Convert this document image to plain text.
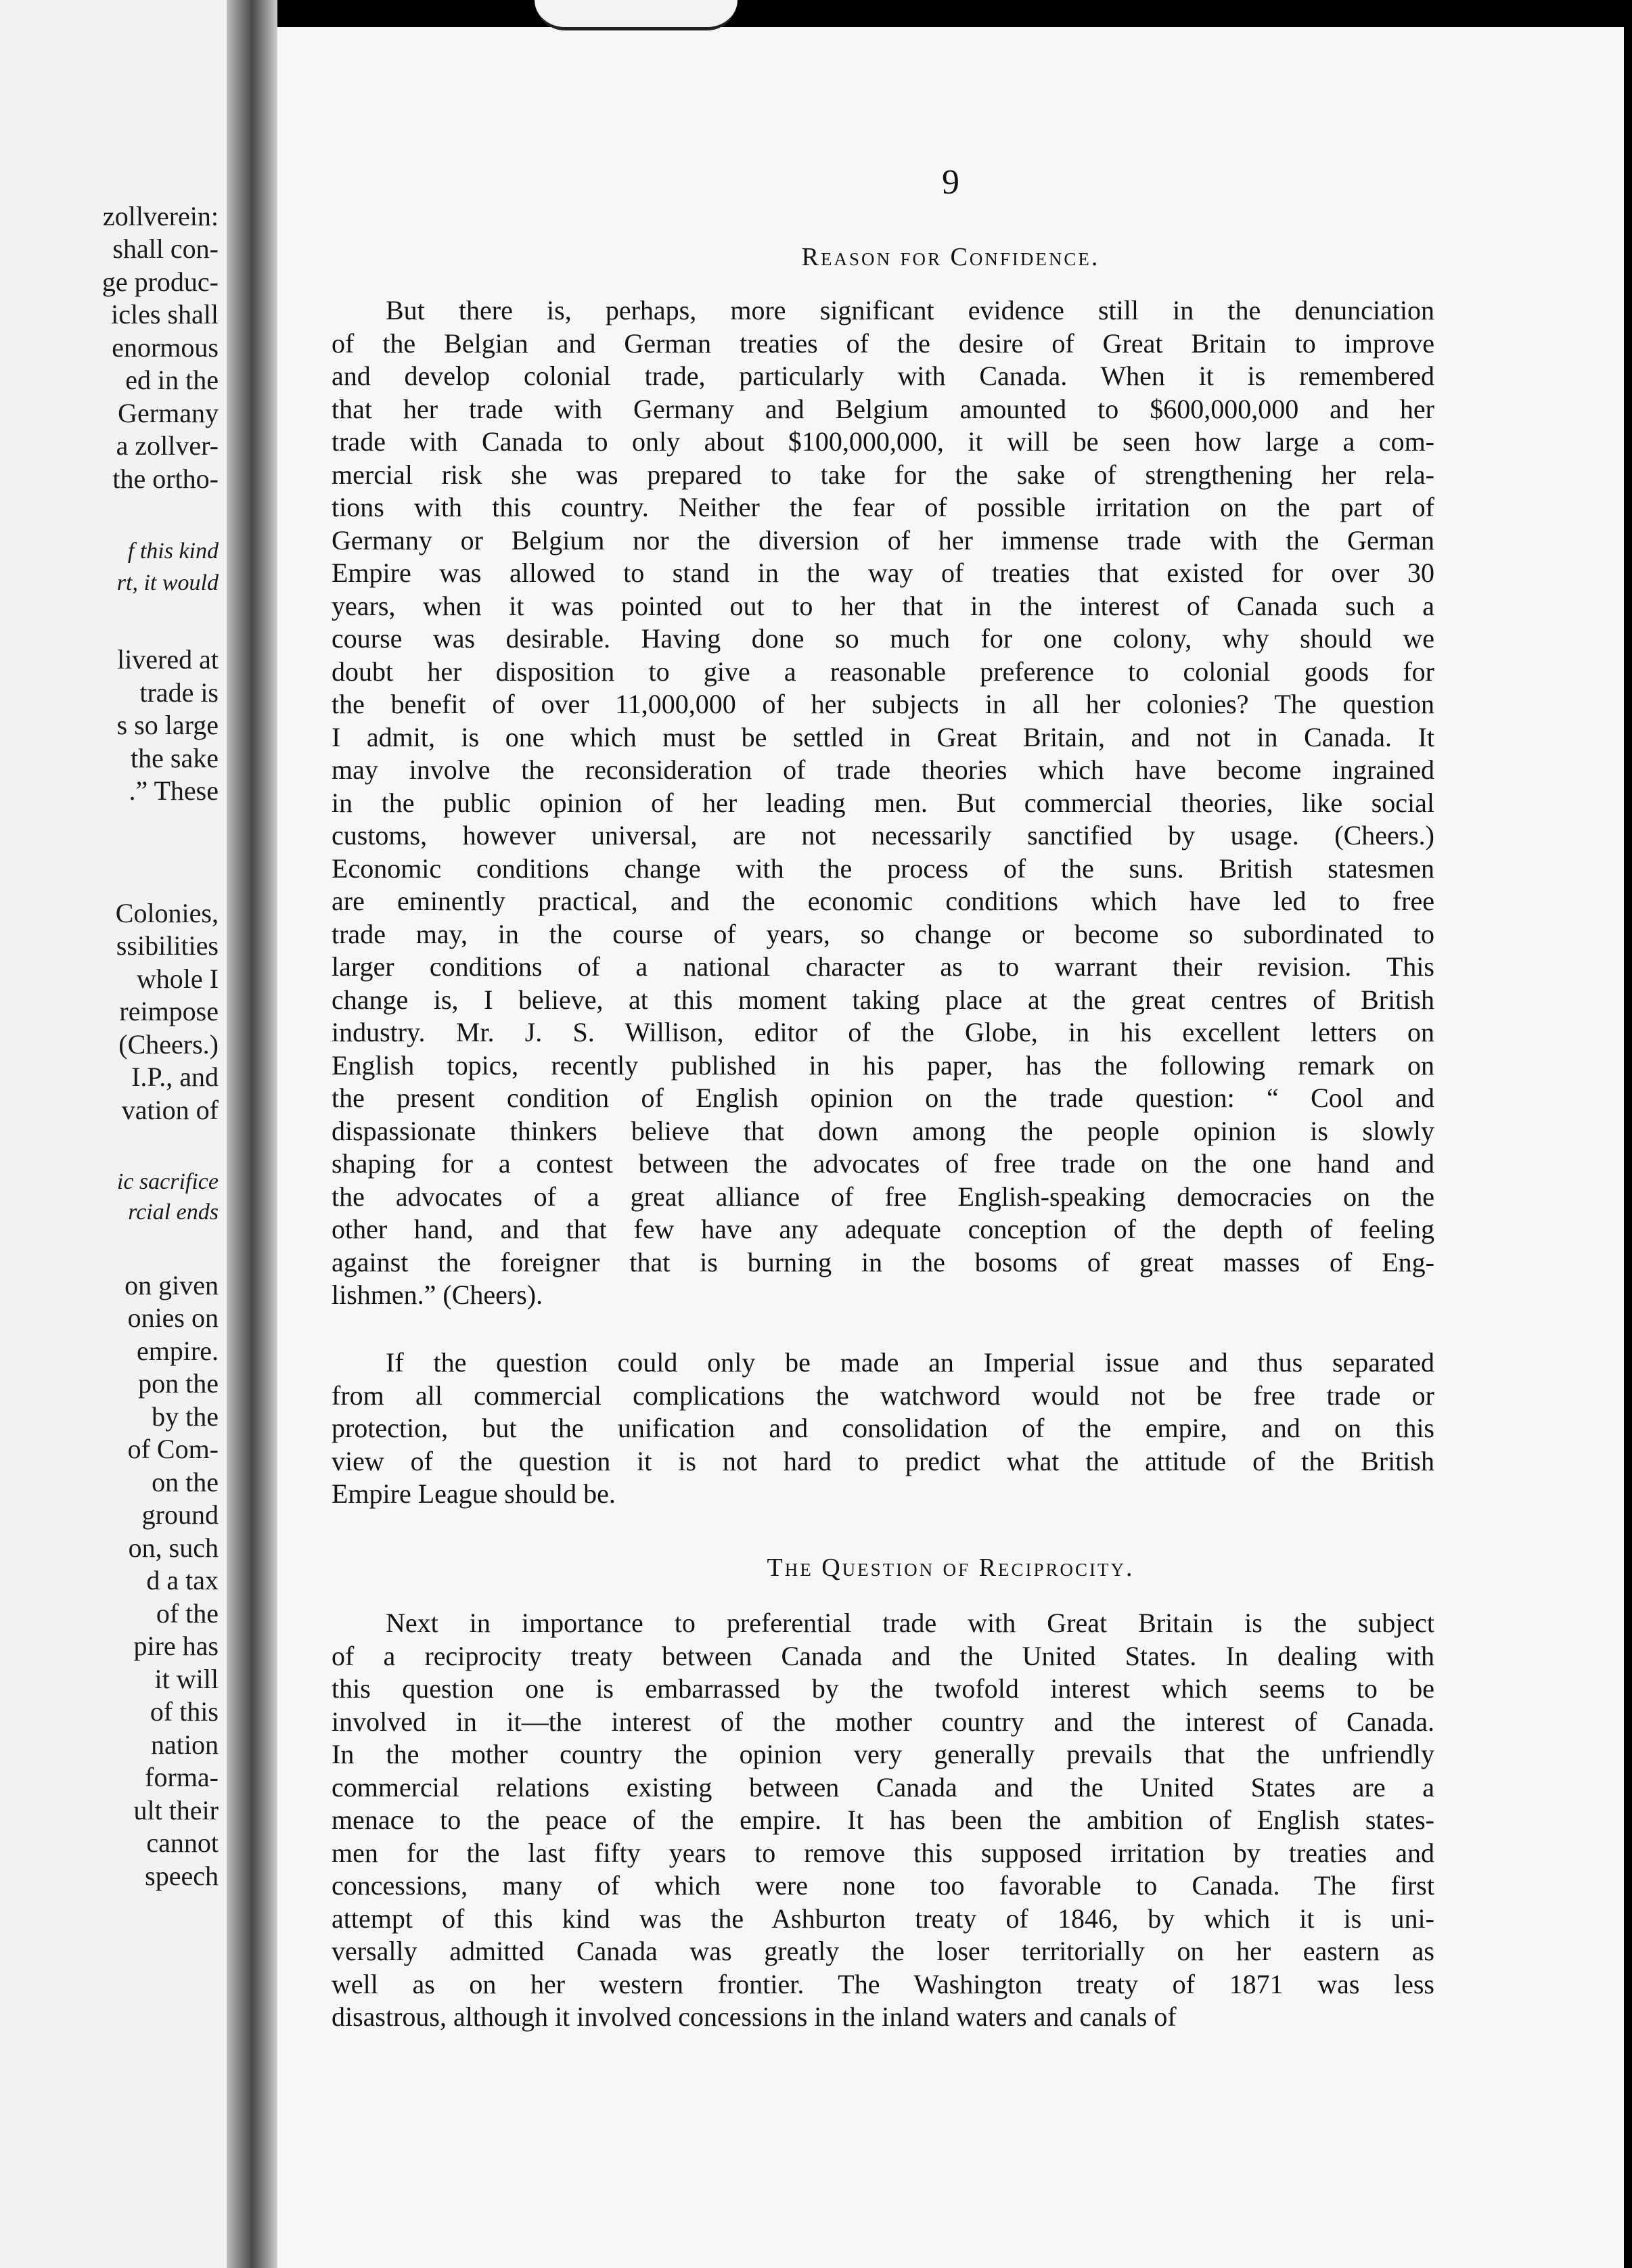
zollverein:
shall con-
ge produc-
icles shall
enormous
ed in the
Germany
a zollver-
the ortho-
f this kind
rt, it would
livered at
trade is
s so large
the sake
.” These
Colonies,
ssibilities
whole I
reimpose
(Cheers.)
I.P., and
vation of
ic sacrifice
rcial ends
on given
onies on
empire.
pon the
by the
of Com-
on the
ground
on, such
d a tax
of the
pire has
it will
of this
nation
forma-
ult their
cannot
speech
9
Reason for Confidence.
But there is, perhaps, more significant evidence still in the denunciation
of the Belgian and German treaties of the desire of Great Britain to improve
and develop colonial trade, particularly with Canada. When it is remembered
that her trade with Germany and Belgium amounted to $600,000,000 and her
trade with Canada to only about $100,000,000, it will be seen how large a com-
mercial risk she was prepared to take for the sake of strengthening her rela-
tions with this country. Neither the fear of possible irritation on the part of
Germany or Belgium nor the diversion of her immense trade with the German
Empire was allowed to stand in the way of treaties that existed for over 30
years, when it was pointed out to her that in the interest of Canada such a
course was desirable. Having done so much for one colony, why should we
doubt her disposition to give a reasonable preference to colonial goods for
the benefit of over 11,000,000 of her subjects in all her colonies? The question
I admit, is one which must be settled in Great Britain, and not in Canada. It
may involve the reconsideration of trade theories which have become ingrained
in the public opinion of her leading men. But commercial theories, like social
customs, however universal, are not necessarily sanctified by usage. (Cheers.)
Economic conditions change with the process of the suns. British statesmen
are eminently practical, and the economic conditions which have led to free
trade may, in the course of years, so change or become so subordinated to
larger conditions of a national character as to warrant their revision. This
change is, I believe, at this moment taking place at the great centres of British
industry. Mr. J. S. Willison, editor of the Globe, in his excellent letters on
English topics, recently published in his paper, has the following remark on
the present condition of English opinion on the trade question: “ Cool and
dispassionate thinkers believe that down among the people opinion is slowly
shaping for a contest between the advocates of free trade on the one hand and
the advocates of a great alliance of free English-speaking democracies on the
other hand, and that few have any adequate conception of the depth of feeling
against the foreigner that is burning in the bosoms of great masses of Eng-
lishmen.” (Cheers).
If the question could only be made an Imperial issue and thus separated
from all commercial complications the watchword would not be free trade or
protection, but the unification and consolidation of the empire, and on this
view of the question it is not hard to predict what the attitude of the British
Empire League should be.
The Question of Reciprocity.
Next in importance to preferential trade with Great Britain is the subject
of a reciprocity treaty between Canada and the United States. In dealing with
this question one is embarrassed by the twofold interest which seems to be
involved in it—the interest of the mother country and the interest of Canada.
In the mother country the opinion very generally prevails that the unfriendly
commercial relations existing between Canada and the United States are a
menace to the peace of the empire. It has been the ambition of English states-
men for the last fifty years to remove this supposed irritation by treaties and
concessions, many of which were none too favorable to Canada. The first
attempt of this kind was the Ashburton treaty of 1846, by which it is uni-
versally admitted Canada was greatly the loser territorially on her eastern as
well as on her western frontier. The Washington treaty of 1871 was less
disastrous, although it involved concessions in the inland waters and canals of
